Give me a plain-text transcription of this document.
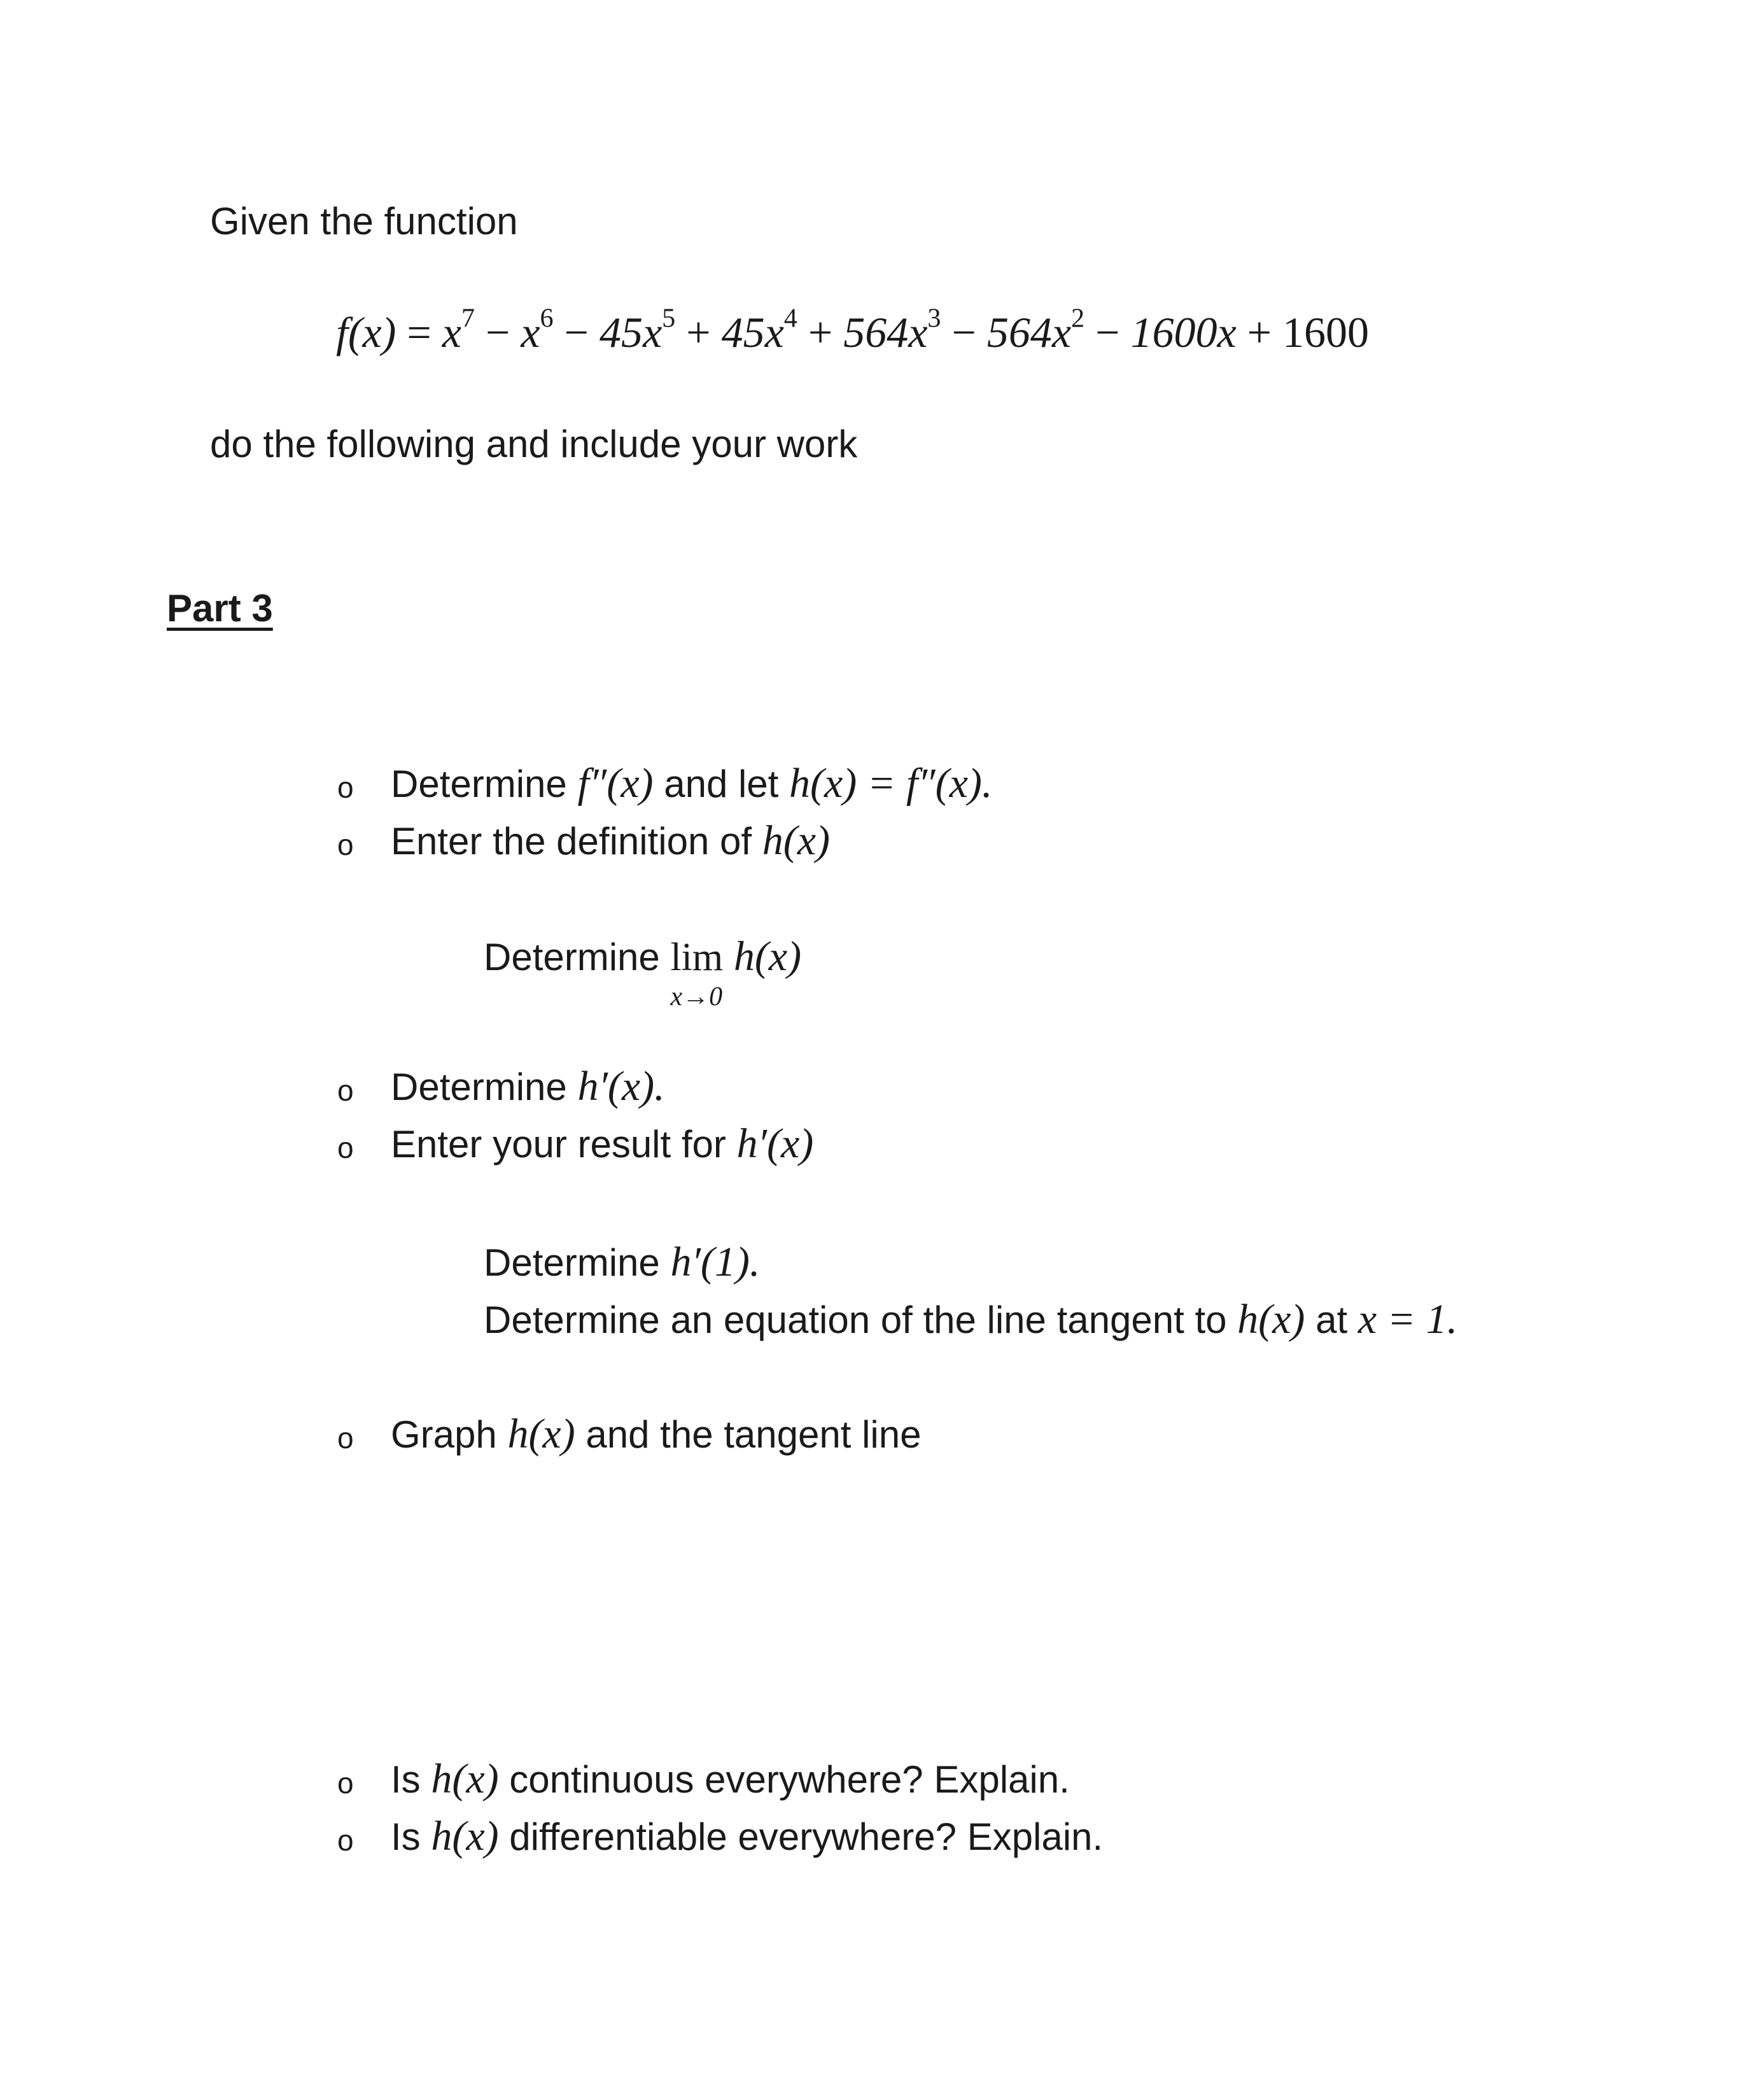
Given the function
$f(x) = x^7 - x^6 - 45x^5 + 45x^4 + 564x^3 - 564x^2 - 1600x + 1600$
do the following and include your work
Part 3
o Determine f″(x) and let h(x) = f″(x).
o Enter the definition of h(x)
Determine lim
x→0
h(x)
o Determine h′(x).
o Enter your result for h′(x)
Determine h′(1).
Determine an equation of the line tangent to h(x) at x = 1.
o Graph h(x) and the tangent line
o Is h(x) continuous everywhere? Explain.
o Is h(x) differentiable everywhere? Explain.
